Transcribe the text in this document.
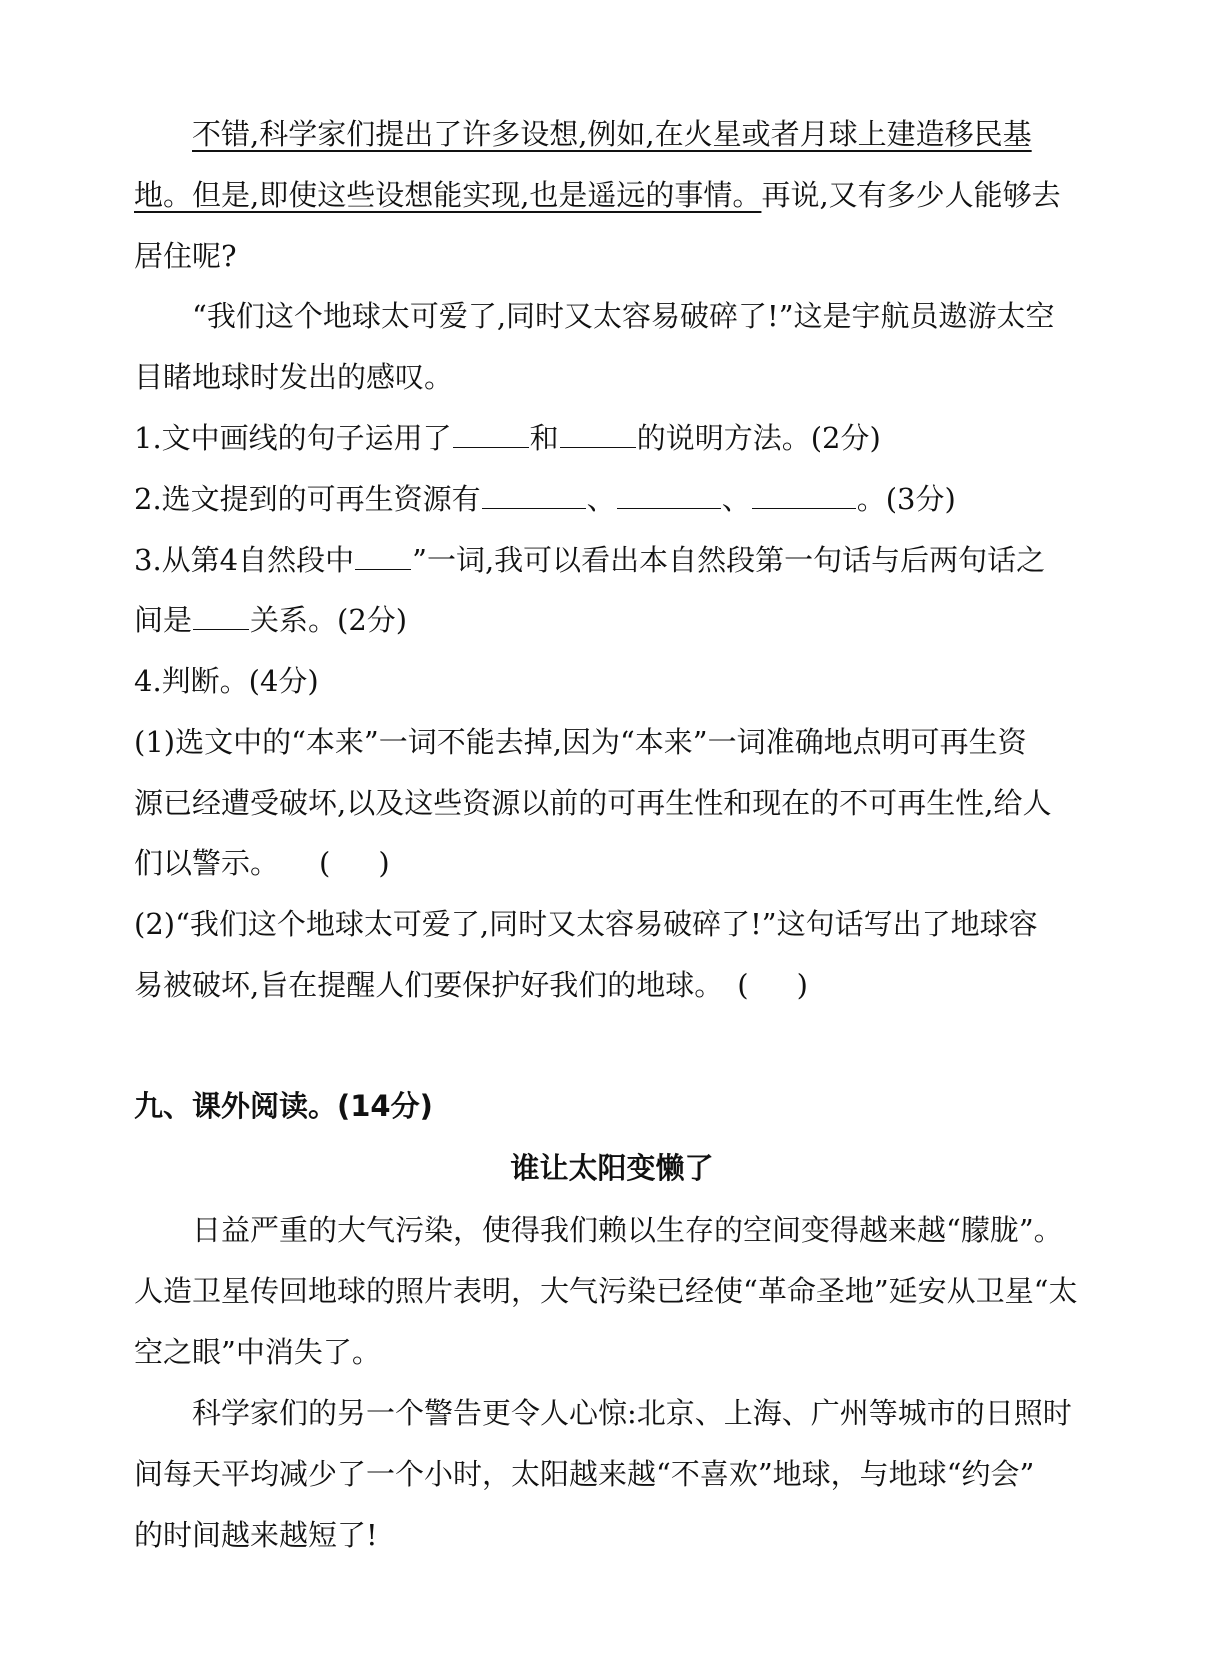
不错,科学家们提出了许多设想,例如,在火星或者月球上建造移民基
地。但是,即使这些设想能实现,也是遥远的事情。再说,又有多少人能够去
居住呢?
“我们这个地球太可爱了,同时又太容易破碎了!”这是宇航员遨游太空
目睹地球时发出的感叹。
1.文中画线的句子运用了	和	的说明方法。(2分)
2.选文提到的可再生资源有	、	、	。(3分)
3.从第4自然段中 ”一词,我可以看出本自然段第一句话与后两句话之
间是 关系。(2分)
4.判断。(4分)
(1)选文中的“本来”一词不能去掉,因为“本来”一词准确地点明可再生资
源已经遭受破坏,以及这些资源以前的可再生性和现在的不可再生性,给人
们以警示。 ( )
(2)“我们这个地球太可爱了,同时又太容易破碎了!”这句话写出了地球容
易被破坏,旨在提醒人们要保护好我们的地球。 ( )
九、课外阅读。(14分)
谁让太阳变懒了
日益严重的大气污染，使得我们赖以生存的空间变得越来越“朦胧”。
人造卫星传回地球的照片表明，大气污染已经使“革命圣地”延安从卫星“太
空之眼”中消失了。
科学家们的另一个警告更令人心惊:北京、上海、广州等城市的日照时
间每天平均减少了一个小时，太阳越来越“不喜欢”地球，与地球“约会”
的时间越来越短了!
